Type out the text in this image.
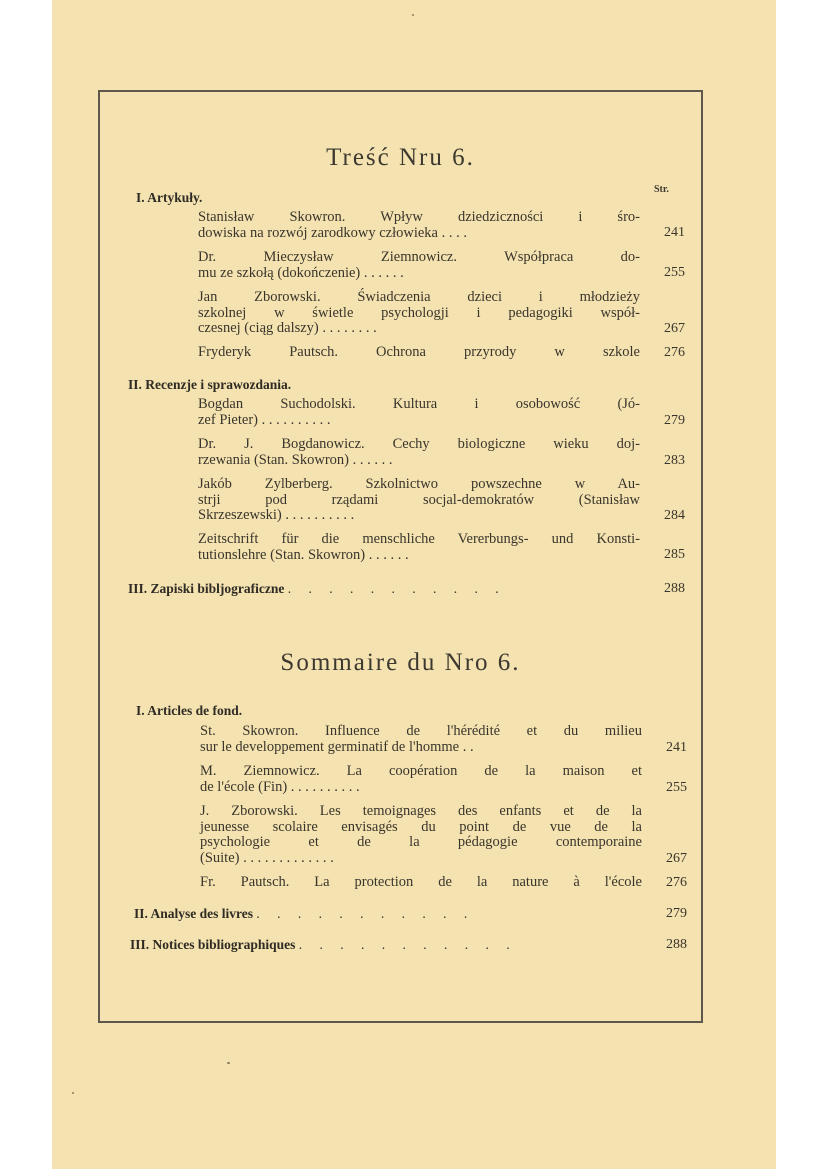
Treść Nru 6.
Str.
I. Artykuły.
Stanisław Skowron. Wpływ dziedziczności i śro-
dowiska na rozwój zarodkowy człowieka . . . .	241
Dr. Mieczysław Ziemnowicz. Współpraca do-
mu ze szkołą (dokończenie) . . . . . .	255
Jan Zborowski. Świadczenia dzieci i młodzieży
szkolnej w świetle psychologji i pedagogiki współ-
czesnej (ciąg dalszy) . . . . . . . .	267
Fryderyk Pautsch. Ochrona przyrody w szkole	276
II. Recenzje i sprawozdania.
Bogdan Suchodolski. Kultura i osobowość (Jó-
zef Pieter) . . . . . . . . . .	279
Dr. J. Bogdanowicz. Cechy biologiczne wieku doj-
rzewania (Stan. Skowron) . . . . . .	283
Jakób Zylberberg. Szkolnictwo powszechne w Au-
strji pod rządami socjal-demokratów (Stanisław
Skrzeszewski) . . . . . . . . . .	284
Zeitschrift für die menschliche Vererbungs- und Konsti-
tutionslehre (Stan. Skowron) . . . . . .	285
III. Zapiski bibljograficzne . . . . . . . . . . .	288
Sommaire du Nro 6.
I. Articles de fond.
St. Skowron. Influence de l'hérédité et du milieu
sur le developpement germinatif de l'homme . .	241
M. Ziemnowicz. La coopération de la maison et
de l'école (Fin) . . . . . . . . . .	255
J. Zborowski. Les temoignages des enfants et de la
jeunesse scolaire envisagés du point de vue de la
psychologie et de la pédagogie contemporaine
(Suite) . . . . . . . . . . . . .	267
Fr. Pautsch. La protection de la nature à l'école	276
II. Analyse des livres . . . . . . . . . . .	279
III. Notices bibliographiques . . . . . . . . . . .	288
